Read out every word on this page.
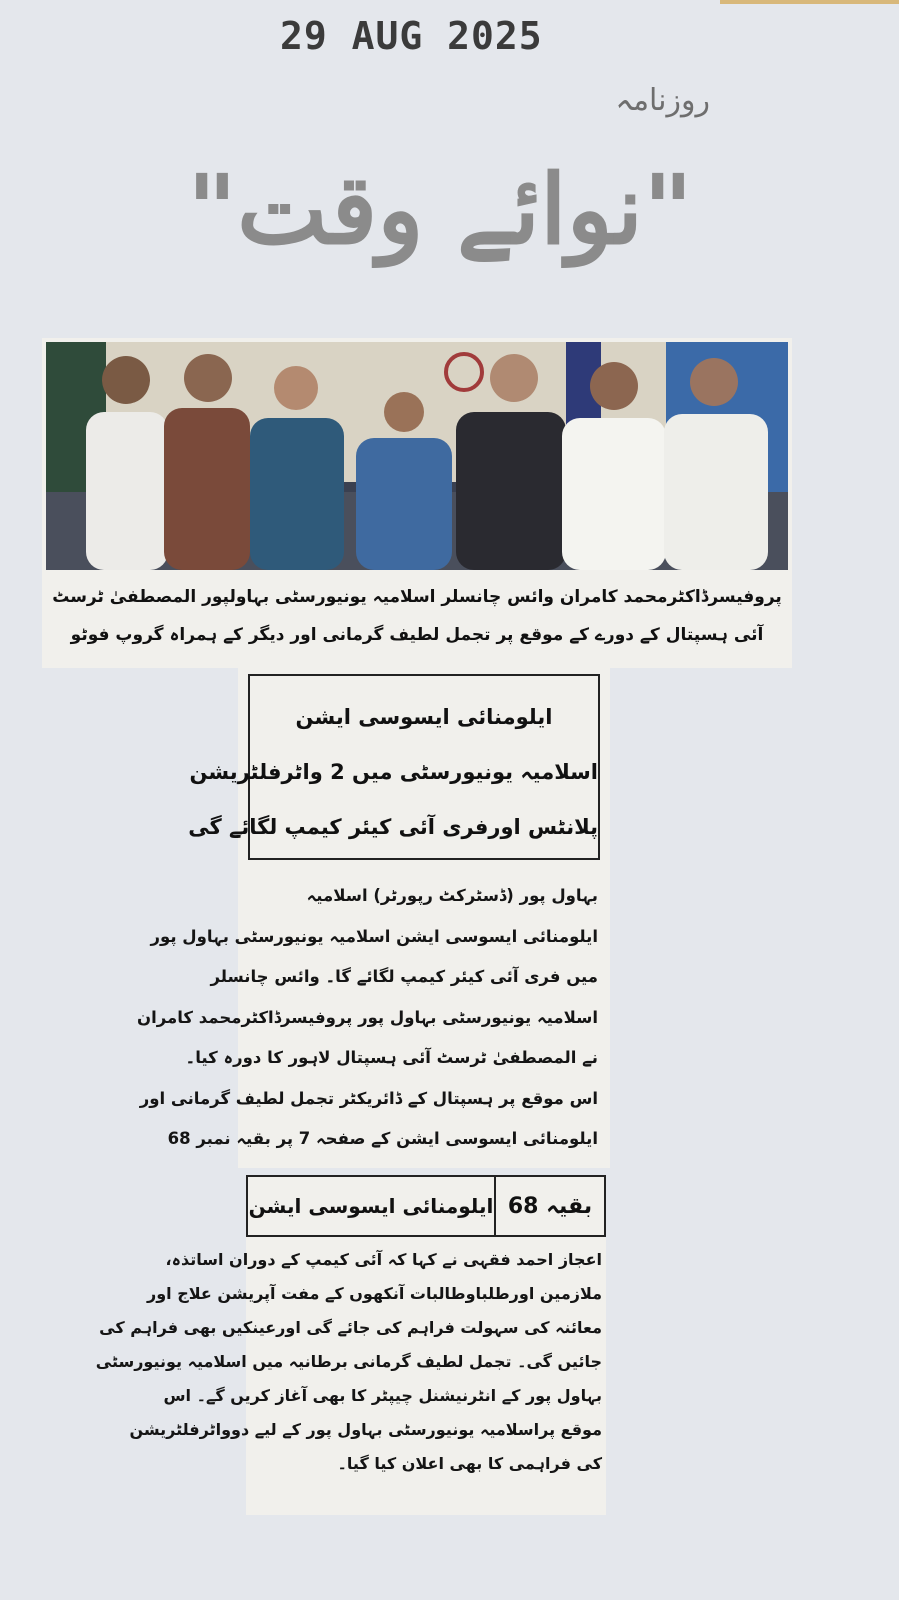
29 AUG 2025
روزنامہ
"نوائے وقت"
پروفیسرڈاکٹرمحمد کامران وائس چانسلر اسلامیہ یونیورسٹی بہاولپور المصطفیٰ ٹرسٹ
آئی ہسپتال کے دورے کے موقع پر تجمل لطیف گرمانی اور دیگر کے ہمراہ گروپ فوٹو
ایلومنائی ایسوسی ایشن
اسلامیہ یونیورسٹی میں 2 واٹرفلٹریشن
پلانٹس اورفری آئی کیئر کیمپ لگائے گی
بہاول پور (ڈسٹرکٹ رپورٹر) اسلامیہ
ایلومنائی ایسوسی ایشن اسلامیہ یونیورسٹی بہاول پور
میں فری آئی کیئر کیمپ لگائے گا۔ وائس چانسلر
اسلامیہ یونیورسٹی بہاول پور پروفیسرڈاکٹرمحمد کامران
نے المصطفیٰ ٹرسٹ آئی ہسپتال لاہور کا دورہ کیا۔
اس موقع پر ہسپتال کے ڈائریکٹر تجمل لطیف گرمانی اور
ایلومنائی ایسوسی ایشن کے صفحہ 7 پر بقیہ نمبر 68
بقیہ 68
ایلومنائی ایسوسی ایشن
اعجاز احمد فقہی نے کہا کہ آئی کیمپ کے دوران اساتذہ،
ملازمین اورطلباوطالبات آنکھوں کے مفت آپریشن علاج اور
معائنہ کی سہولت فراہم کی جائے گی اورعینکیں بھی فراہم کی
جائیں گی۔ تجمل لطیف گرمانی برطانیہ میں اسلامیہ یونیورسٹی
بہاول پور کے انٹرنیشنل چیپٹر کا بھی آغاز کریں گے۔ اس
موقع پراسلامیہ یونیورسٹی بہاول پور کے لیے دوواٹرفلٹریشن
کی فراہمی کا بھی اعلان کیا گیا۔
